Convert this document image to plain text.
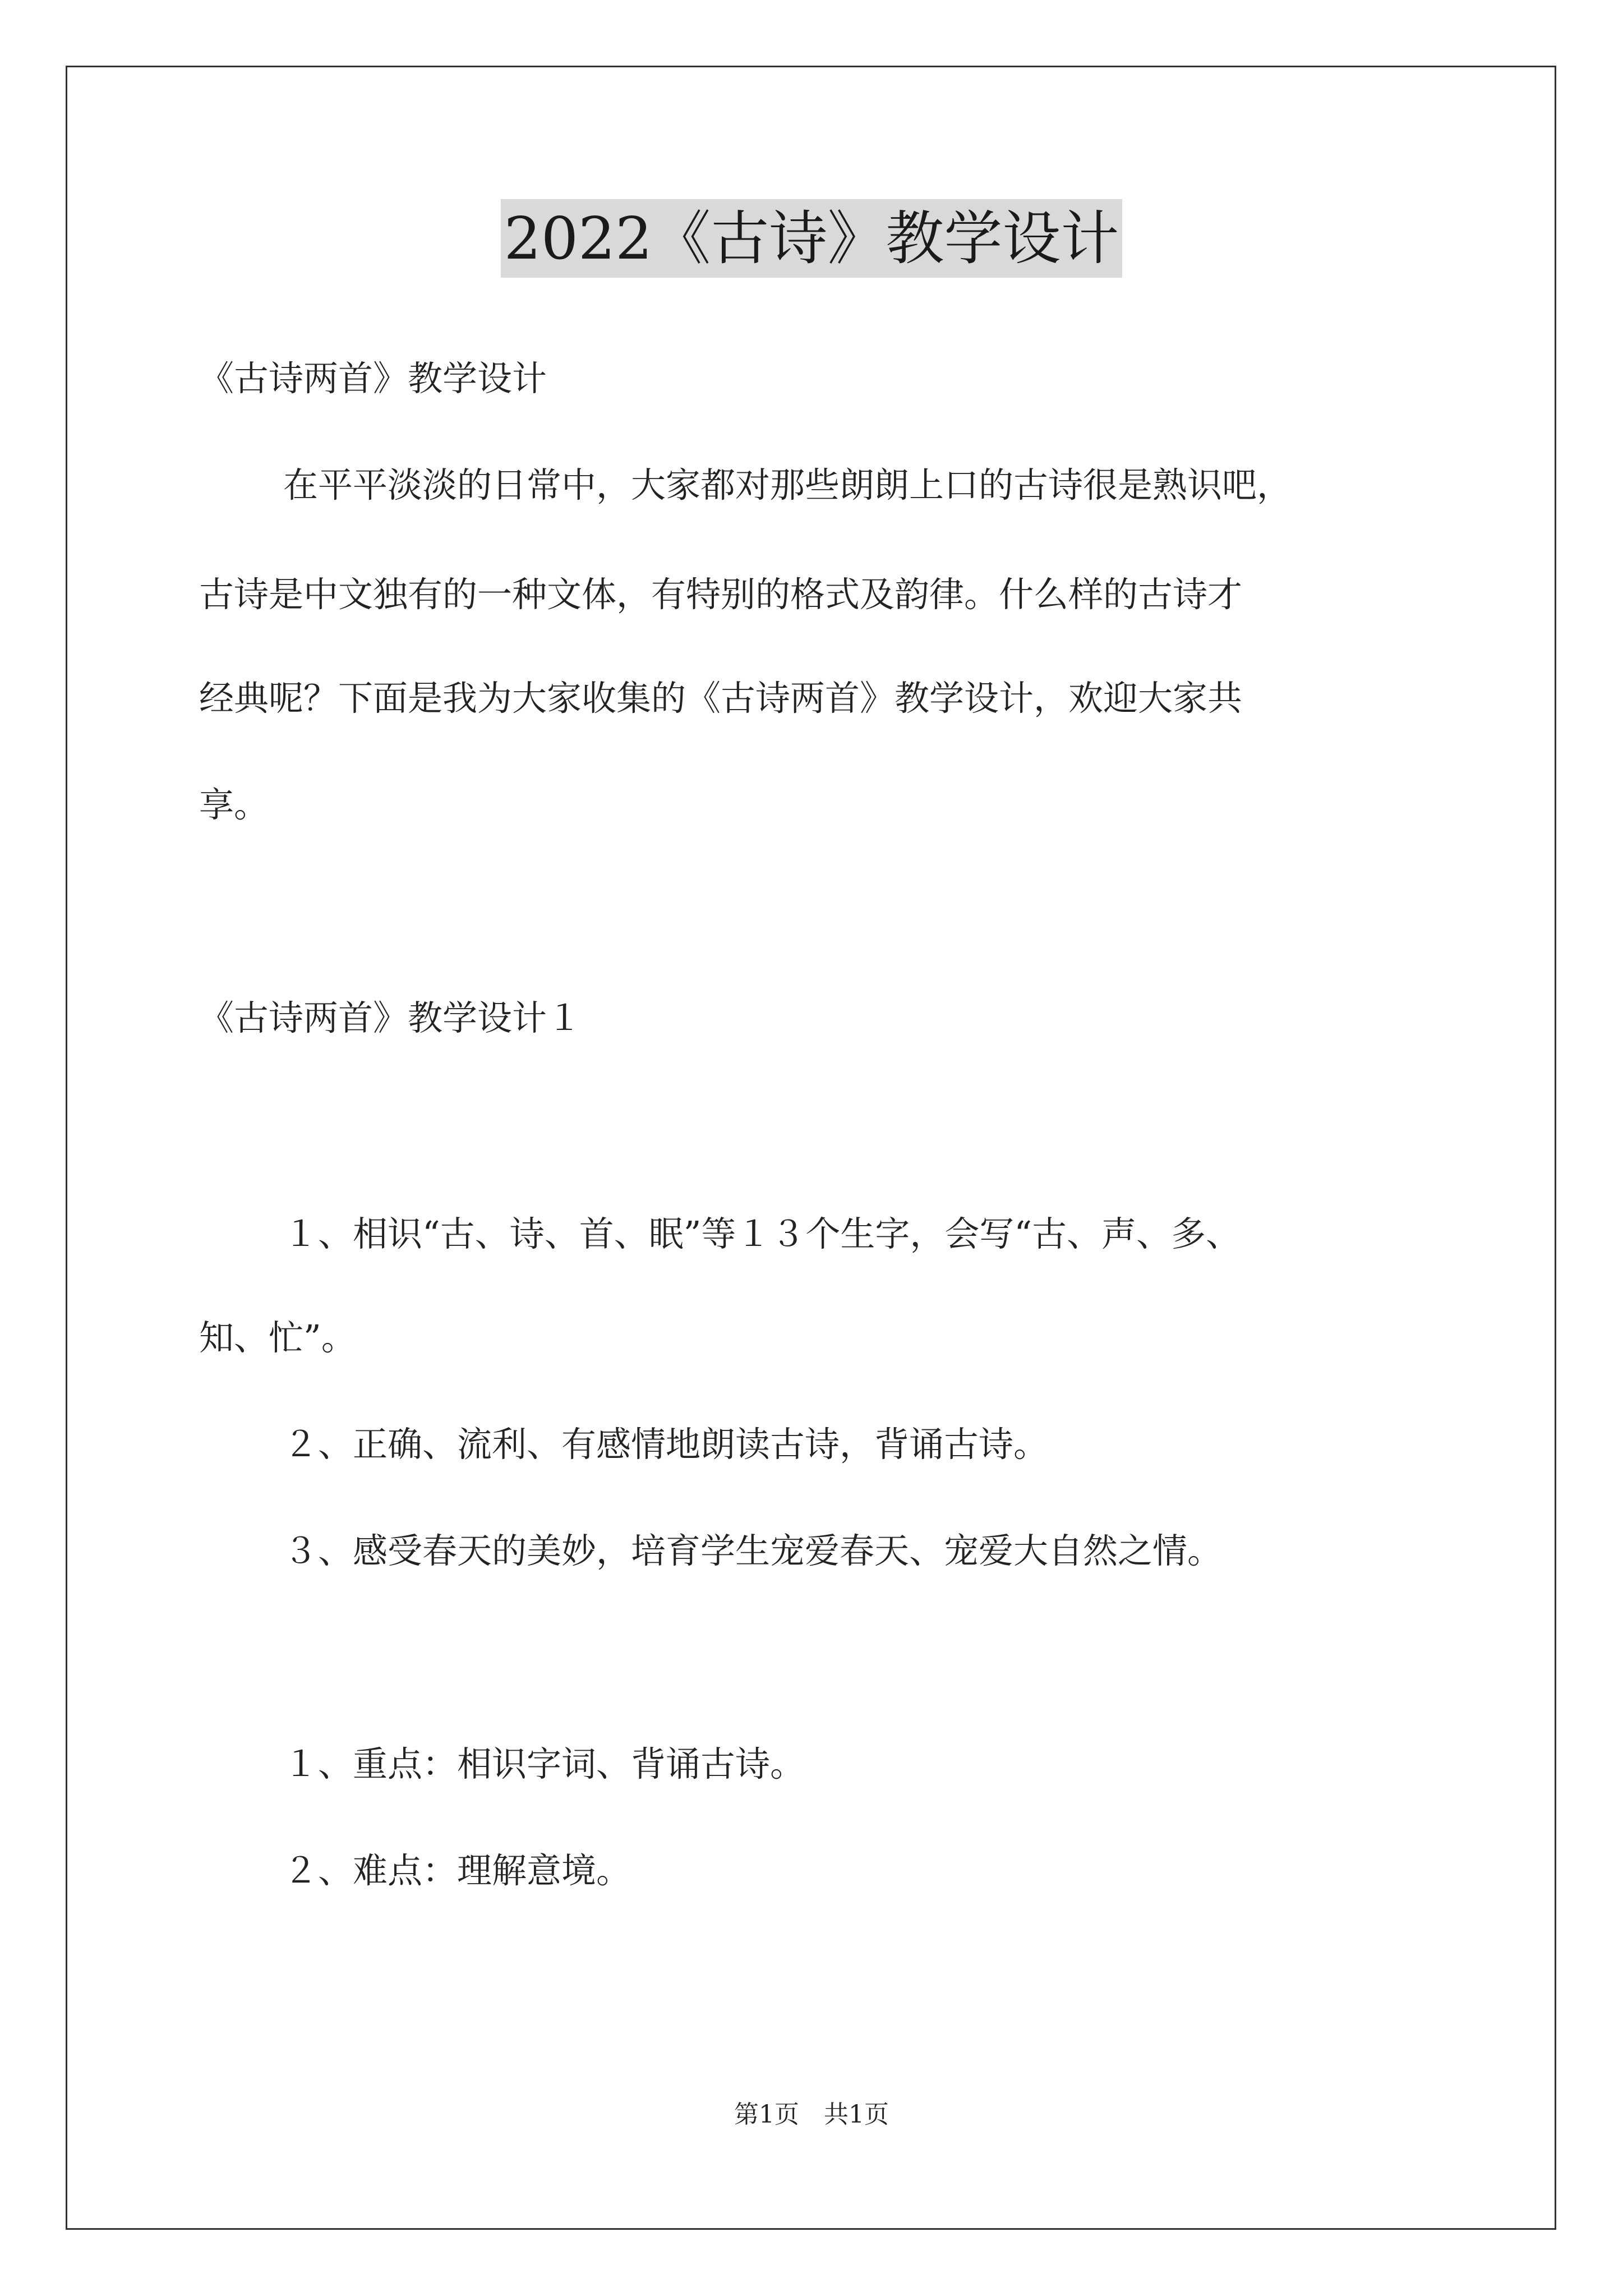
2022《古诗》教学设计
《古诗两首》教学设计
在平平淡淡的日常中，大家都对那些朗朗上口的古诗很是熟识吧，
古诗是中文独有的一种文体，有特别的格式及韵律。什么样的古诗才
经典呢？下面是我为大家收集的《古诗两首》教学设计，欢迎大家共
享。
《古诗两首》教学设计１
１、相识“古、诗、首、眠”等１３个生字，会写“古、声、多、
知、忙”。
２、正确、流利、有感情地朗读古诗，背诵古诗。
３、感受春天的美妙，培育学生宠爱春天、宠爱大自然之情。
１、重点：相识字词、背诵古诗。
２、难点：理解意境。
第1页　共1页
